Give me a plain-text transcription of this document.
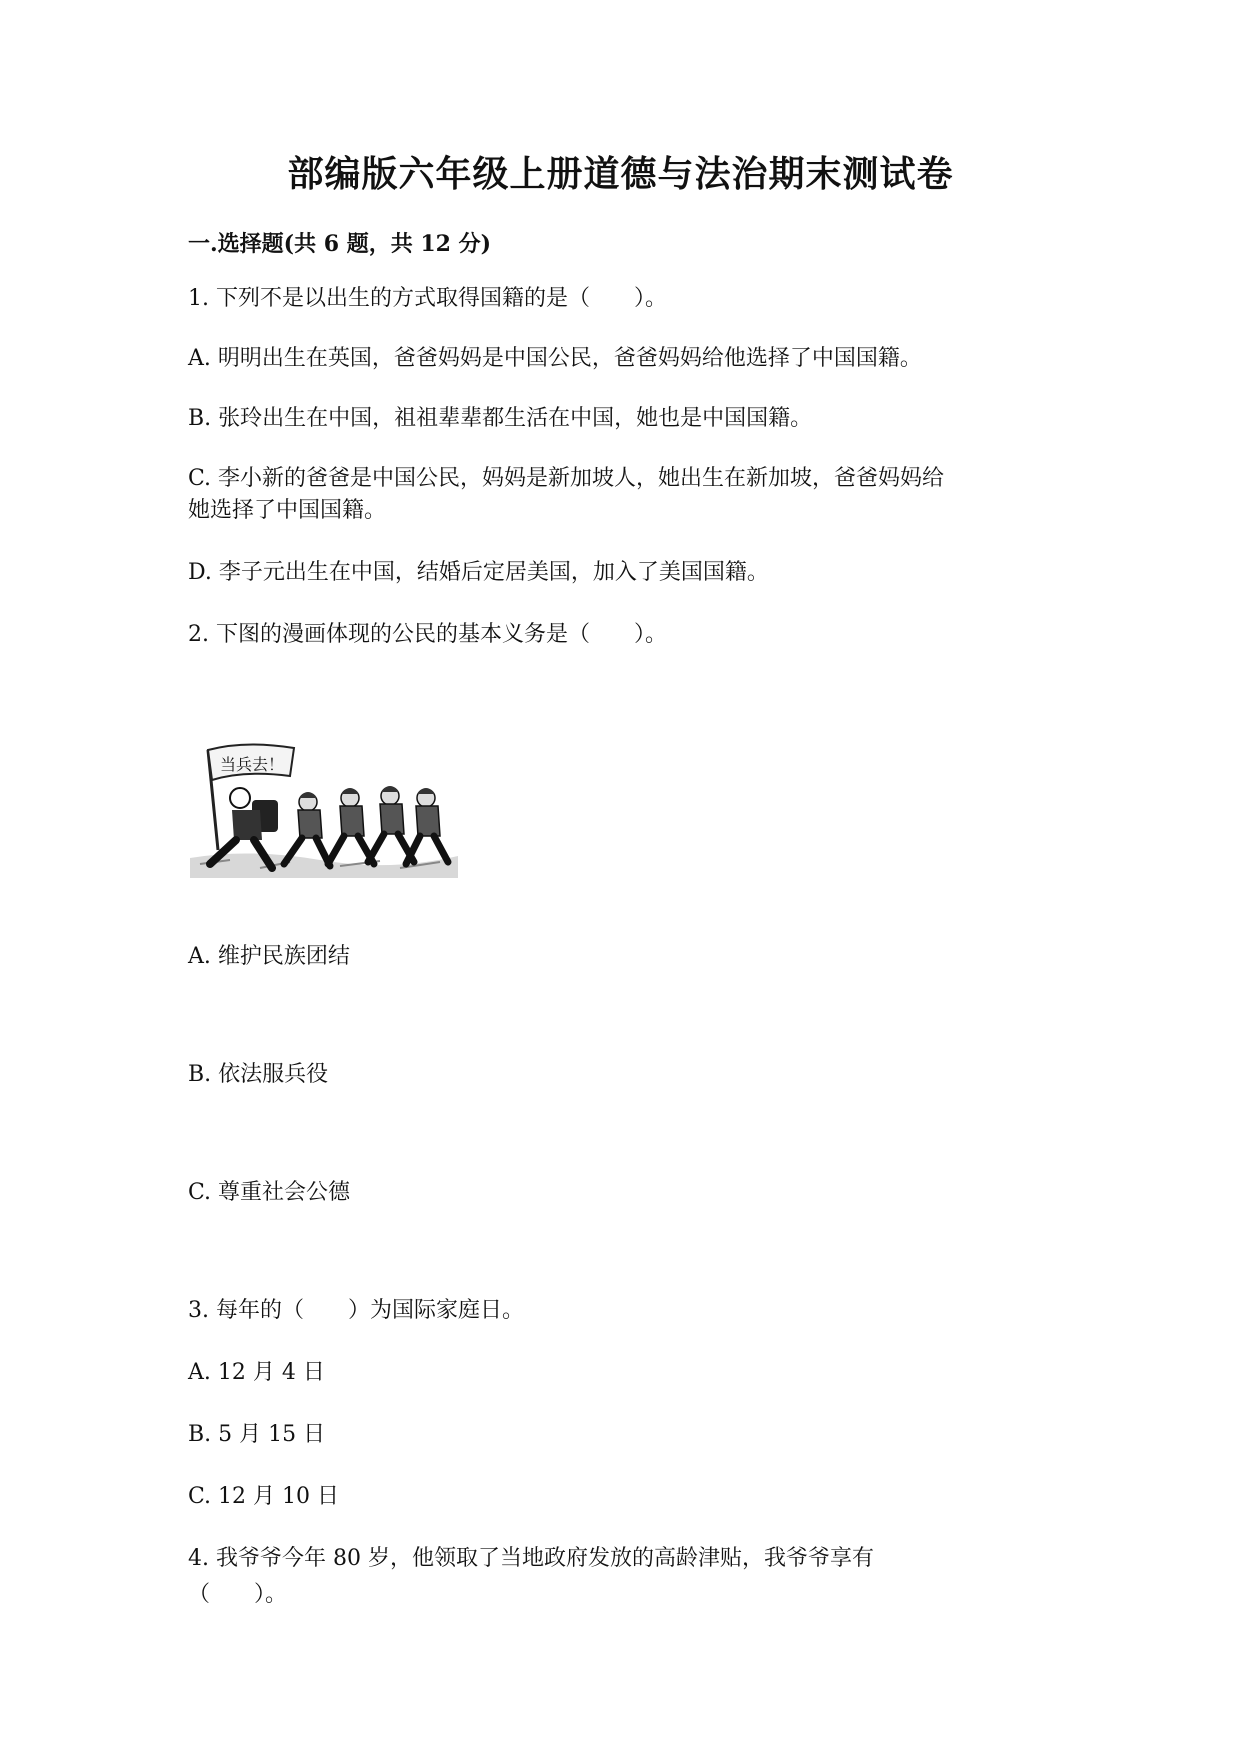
部编版六年级上册道德与法治期末测试卷
一.选择题(共 6 题，共 12 分)
1. 下列不是以出生的方式取得国籍的是（　　）。
A. 明明出生在英国，爸爸妈妈是中国公民，爸爸妈妈给他选择了中国国籍。
B. 张玲出生在中国，祖祖辈辈都生活在中国，她也是中国国籍。
C. 李小新的爸爸是中国公民，妈妈是新加坡人，她出生在新加坡，爸爸妈妈给
她选择了中国国籍。
D. 李子元出生在中国，结婚后定居美国，加入了美国国籍。
2. 下图的漫画体现的公民的基本义务是（　　）。
当兵去！
A. 维护民族团结
B. 依法服兵役
C. 尊重社会公德
3. 每年的（　　）为国际家庭日。
A. 12 月 4 日
B. 5 月 15 日
C. 12 月 10 日
4. 我爷爷今年 80 岁，他领取了当地政府发放的高龄津贴，我爷爷享有
（　　）。
